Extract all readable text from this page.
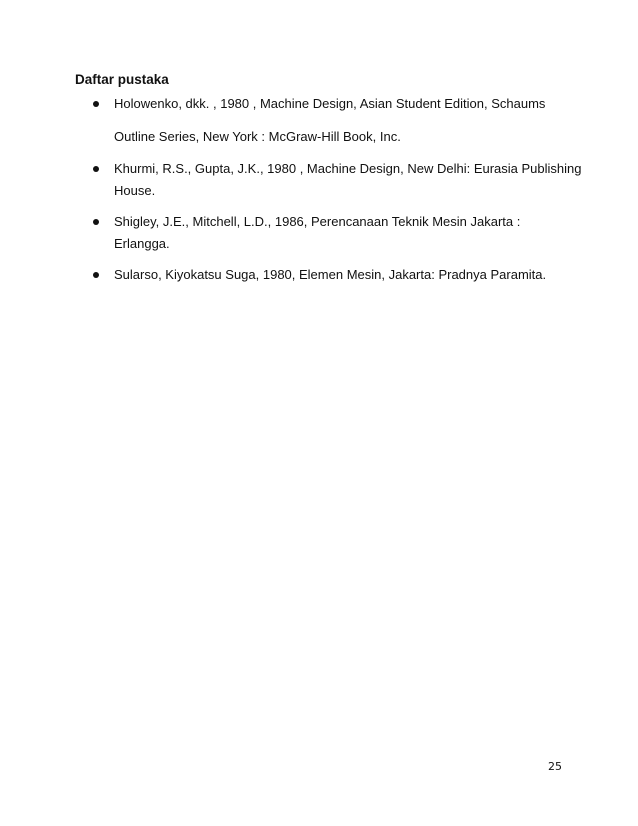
Daftar pustaka
Holowenko, dkk. , 1980 , Machine Design, Asian Student Edition, Schaums
Outline Series, New York : McGraw-Hill Book, Inc.
Khurmi, R.S., Gupta, J.K., 1980 , Machine Design, New Delhi: Eurasia Publishing
House.
Shigley, J.E., Mitchell, L.D., 1986, Perencanaan Teknik Mesin Jakarta :
Erlangga.
Sularso, Kiyokatsu Suga, 1980, Elemen Mesin, Jakarta: Pradnya Paramita.
25
